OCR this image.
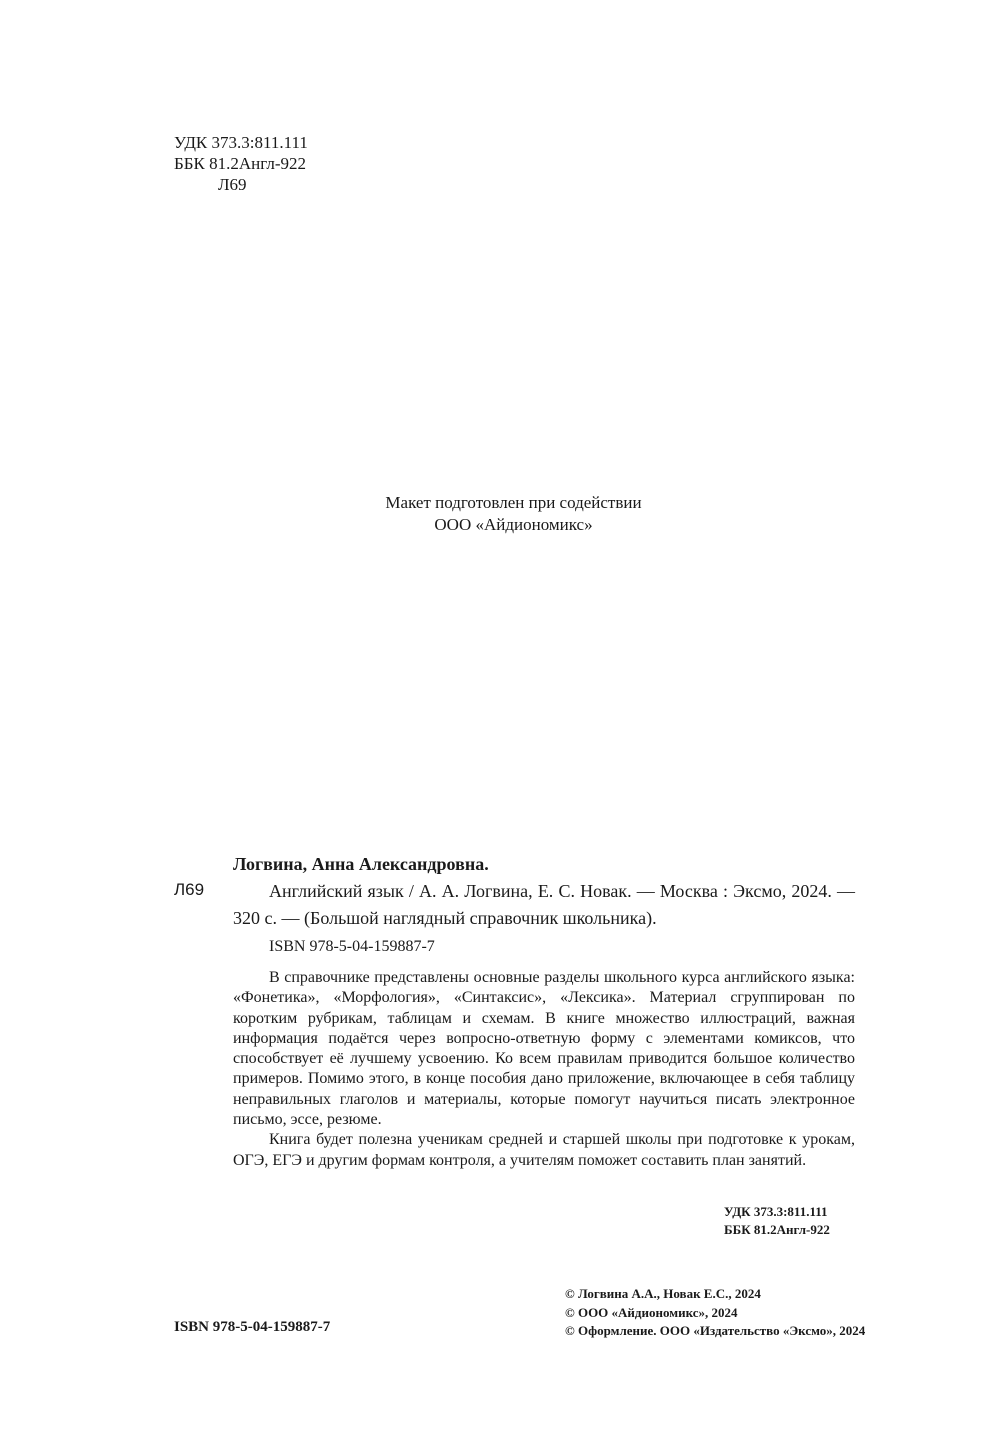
УДК 373.3:811.111
ББК 81.2Англ-922
Л69
Макет подготовлен при содействии
ООО «Айдиономикс»
Логвина, Анна Александровна.
Л69	Английский язык / А. А. Логвина, Е. С. Новак. — Москва : Эксмо, 2024. — 320 с. — (Большой наглядный справочник школьника).
ISBN 978-5-04-159887-7

В справочнике представлены основные разделы школьного курса английского языка: «Фонетика», «Морфология», «Синтаксис», «Лексика». Материал сгруппирован по коротким рубрикам, таблицам и схемам. В книге множество иллюстраций, важная информация подаётся через вопросно-ответную форму с элементами комиксов, что способствует её лучшему усвоению. Ко всем правилам приводится большое количество примеров. Помимо этого, в конце пособия дано приложение, включающее в себя таблицу неправильных глаголов и материалы, которые помогут научиться писать электронное письмо, эссе, резюме.

Книга будет полезна ученикам средней и старшей школы при подготовке к урокам, ОГЭ, ЕГЭ и другим формам контроля, а учителям поможет составить план занятий.

УДК 373.3:811.111
ББК 81.2Англ-922
ISBN 978-5-04-159887-7
© Логвина А.А., Новак Е.С., 2024
© ООО «Айдиономикс», 2024
© Оформление. ООО «Издательство «Эксмо», 2024
